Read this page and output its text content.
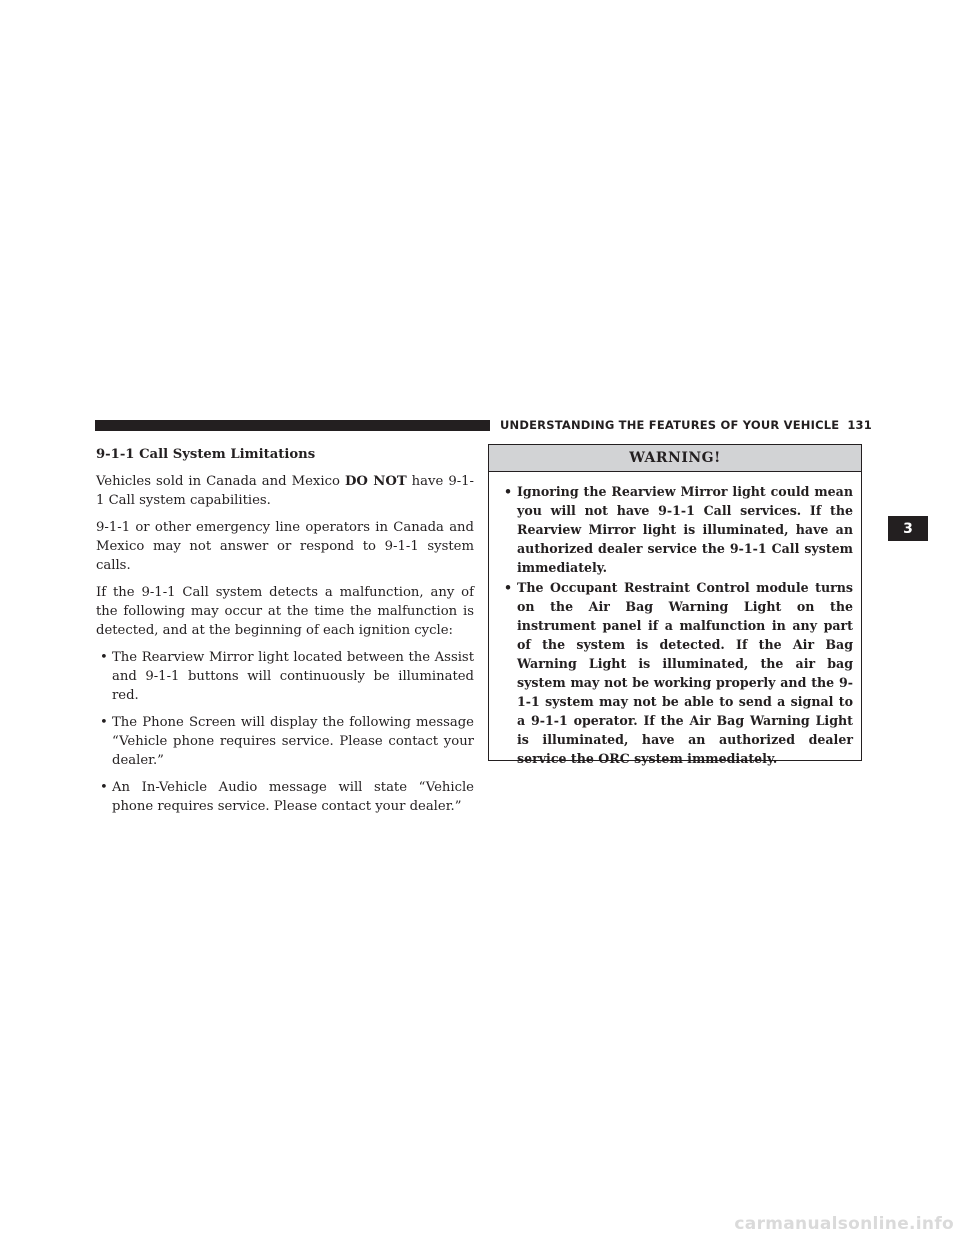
UNDERSTANDING THE FEATURES OF YOUR VEHICLE 131
3
9-1-1 Call System Limitations

Vehicles sold in Canada and Mexico DO NOT have 9-1-1 Call system capabilities.

9-1-1 or other emergency line operators in Canada and Mexico may not answer or respond to 9-1-1 system calls.

If the 9-1-1 Call system detects a malfunction, any of the following may occur at the time the malfunction is detected, and at the beginning of each ignition cycle:

• The Rearview Mirror light located between the Assist and 9-1-1 buttons will continuously be illuminated red.
• The Phone Screen will display the following message “Vehicle phone requires service. Please contact your dealer.”
• An In-Vehicle Audio message will state “Vehicle phone requires service. Please contact your dealer.”
WARNING!
• Ignoring the Rearview Mirror light could mean you will not have 9-1-1 Call services. If the Rearview Mirror light is illuminated, have an authorized dealer service the 9-1-1 Call system immediately.
• The Occupant Restraint Control module turns on the Air Bag Warning Light on the instrument panel if a malfunction in any part of the system is detected. If the Air Bag Warning Light is illuminated, the air bag system may not be working properly and the 9-1-1 system may not be able to send a signal to a 9-1-1 operator. If the Air Bag Warning Light is illuminated, have an authorized dealer service the ORC system immediately.
carmanualsonline.info
